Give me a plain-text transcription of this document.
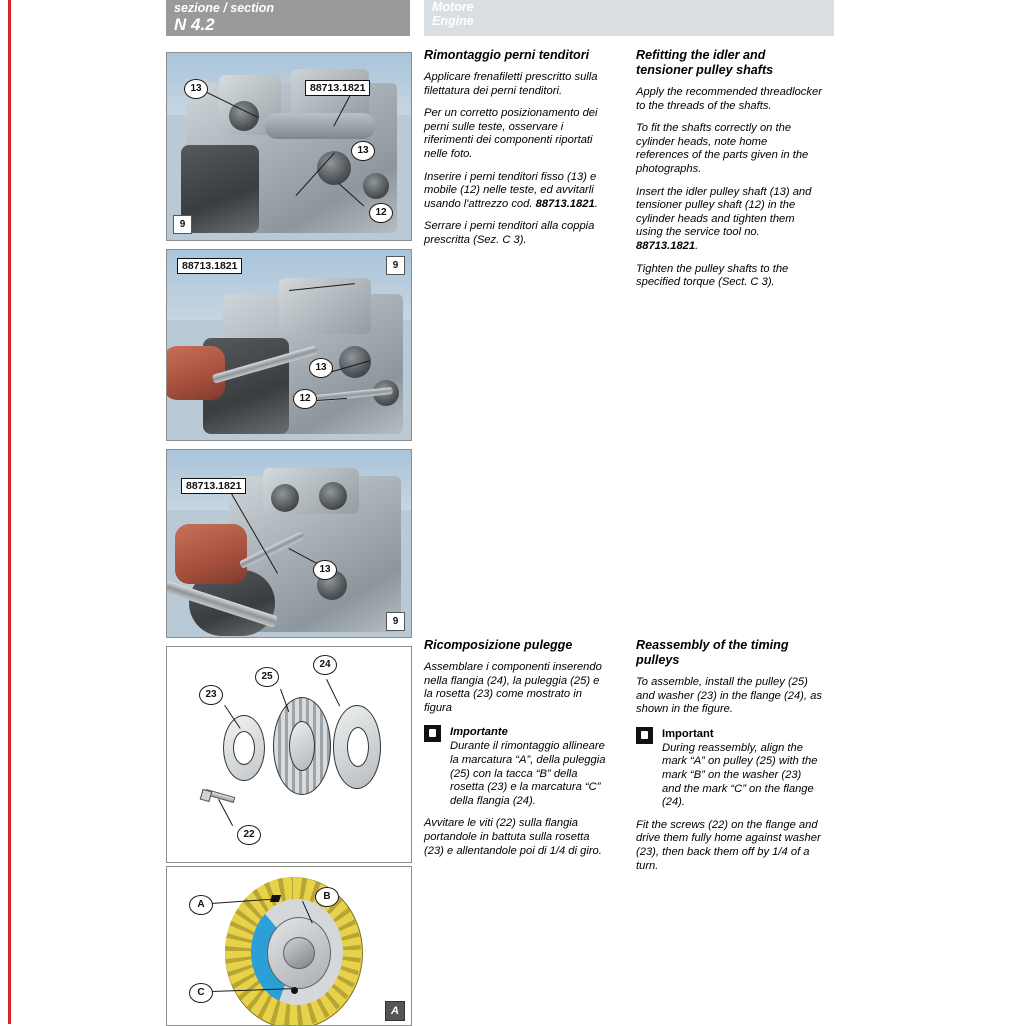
sezione / section
N 4.2
Motore
Engine
13
13
12
88713.1821
9
88713.1821
13
12
9
88713.1821
13
9
23
25
24
22
A
B
C
A
Rimontaggio perni tenditori

Applicare frenafiletti prescritto sulla filettatura dei perni tenditori.

Per un corretto posizionamento dei perni sulle teste, osservare i riferimenti dei componenti riportati nelle foto.

Inserire i perni tenditori fisso (13) e mobile (12) nelle teste, ed avvitarli usando l'attrezzo cod. 88713.1821.

Serrare i perni tenditori alla coppia prescritta (Sez. C 3).

Refitting the idler and tensioner pulley shafts

Apply the recommended threadlocker to the threads of the shafts.

To fit the shafts correctly on the cylinder heads, note home references of the parts given in the photographs.

Insert the idler pulley shaft (13) and tensioner pulley shaft (12) in the cylinder heads and tighten them using the service tool no. 88713.1821.

Tighten the pulley shafts to the specified torque (Sect. C 3).

Ricomposizione pulegge

Assemblare i componenti inserendo nella flangia (24), la puleggia (25) e la rosetta (23) come mostrato in figura

Importante
Durante il rimontaggio allineare la marcatura “A”, della puleggia (25) con la tacca “B” della rosetta (23) e la marcatura “C” della flangia (24).

Avvitare le viti (22) sulla flangia portandole in battuta sulla rosetta (23) e allentandole poi di 1/4 di giro.

Reassembly of the timing pulleys

To assemble, install the pulley (25) and washer (23) in the flange (24), as shown in the figure.

Important
During reassembly, align the mark “A” on pulley (25) with the mark “B” on the washer (23) and the mark “C” on the flange (24).

Fit the screws (22) on the flange and drive them fully home against washer (23), then back them off by 1/4 of a turn.
